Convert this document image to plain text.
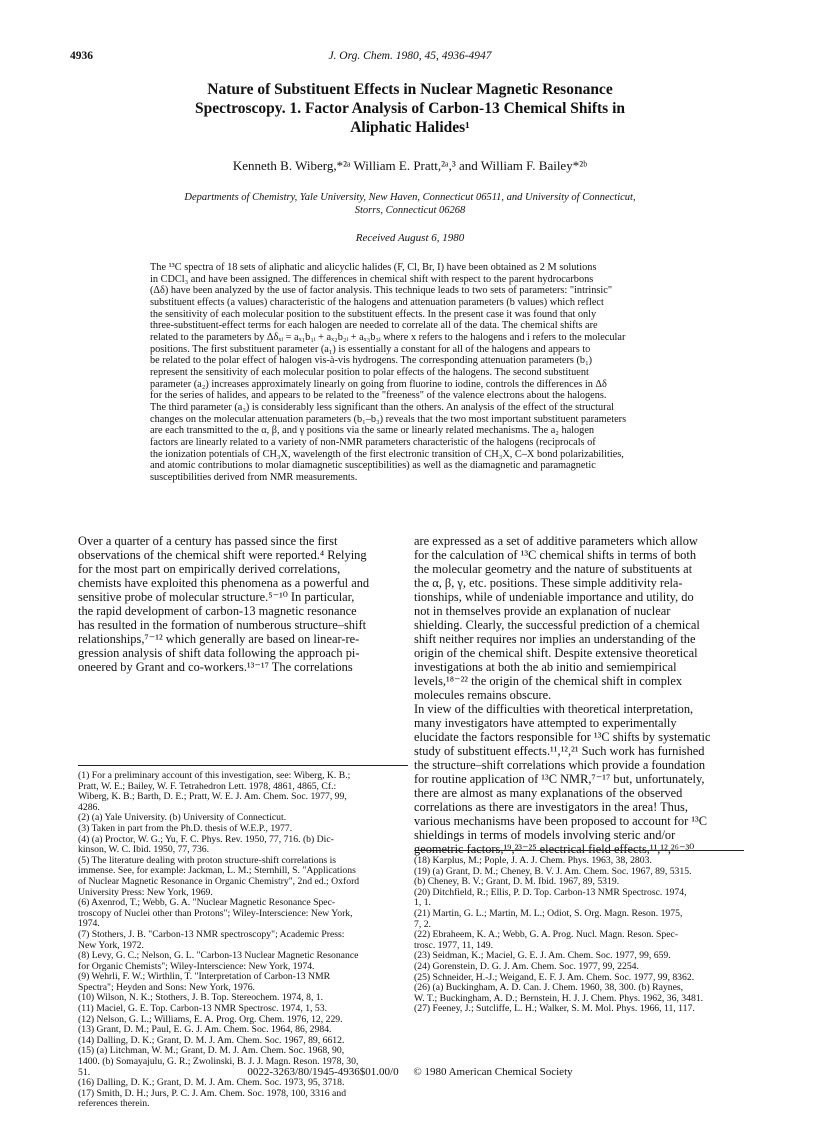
4936	J. Org. Chem. 1980, 45, 4936-4947
Nature of Substituent Effects in Nuclear Magnetic Resonance
Spectroscopy. 1. Factor Analysis of Carbon-13 Chemical Shifts in
Aliphatic Halides¹
Kenneth B. Wiberg,*²ᵃ William E. Pratt,²ᵃ,³ and William F. Bailey*²ᵇ
Departments of Chemistry, Yale University, New Haven, Connecticut 06511, and University of Connecticut,
Storrs, Connecticut 06268
Received August 6, 1980
The ¹³C spectra of 18 sets of aliphatic and alicyclic halides (F, Cl, Br, I) have been obtained as 2 M solutions
in CDCl₃ and have been assigned. The differences in chemical shift with respect to the parent hydrocarbons
(Δδ) have been analyzed by the use of factor analysis. This technique leads to two sets of parameters: "intrinsic"
substituent effects (a values) characteristic of the halogens and attenuation parameters (b values) which reflect
the sensitivity of each molecular position to the substituent effects. In the present case it was found that only
three-substituent-effect terms for each halogen are needed to correlate all of the data. The chemical shifts are
related to the parameters by Δδₓᵢ = aₓ₁b₁ᵢ + aₓ₂b₂ᵢ + aₓ₃b₃ᵢ where x refers to the halogens and i refers to the molecular
positions. The first substituent parameter (a₁) is essentially a constant for all of the halogens and appears to
be related to the polar effect of halogen vis-à-vis hydrogens. The corresponding attenuation parameters (b₁)
represent the sensitivity of each molecular position to polar effects of the halogens. The second substituent
parameter (a₂) increases approximately linearly on going from fluorine to iodine, controls the differences in Δδ
for the series of halides, and appears to be related to the "freeness" of the valence electrons about the halogens.
The third parameter (a₃) is considerably less significant than the others. An analysis of the effect of the structural
changes on the molecular attenuation parameters (b₁–b₃) reveals that the two most important substituent parameters
are each transmitted to the α, β, and γ positions via the same or linearly related mechanisms. The a₂ halogen
factors are linearly related to a variety of non-NMR parameters characteristic of the halogens (reciprocals of
the ionization potentials of CH₃X, wavelength of the first electronic transition of CH₃X, C–X bond polarizabilities,
and atomic contributions to molar diamagnetic susceptibilities) as well as the diamagnetic and paramagnetic
susceptibilities derived from NMR measurements.
Over a quarter of a century has passed since the first
observations of the chemical shift were reported.⁴ Relying
for the most part on empirically derived correlations,
chemists have exploited this phenomena as a powerful and
sensitive probe of molecular structure.⁵⁻¹⁰ In particular,
the rapid development of carbon-13 magnetic resonance
has resulted in the formation of numberous structure–shift
relationships,⁷⁻¹² which generally are based on linear-re-
gression analysis of shift data following the approach pi-
oneered by Grant and co-workers.¹³⁻¹⁷ The correlations
are expressed as a set of additive parameters which allow
for the calculation of ¹³C chemical shifts in terms of both
the molecular geometry and the nature of substituents at
the α, β, γ, etc. positions. These simple additivity rela-
tionships, while of undeniable importance and utility, do
not in themselves provide an explanation of nuclear
shielding. Clearly, the successful prediction of a chemical
shift neither requires nor implies an understanding of the
origin of the chemical shift. Despite extensive theoretical
investigations at both the ab initio and semiempirical
levels,¹⁸⁻²² the origin of the chemical shift in complex
molecules remains obscure.
In view of the difficulties with theoretical interpretation,
many investigators have attempted to experimentally
elucidate the factors responsible for ¹³C shifts by systematic
study of substituent effects.¹¹,¹²,²¹ Such work has furnished
the structure–shift correlations which provide a foundation
for routine application of ¹³C NMR,⁷⁻¹⁷ but, unfortunately,
there are almost as many explanations of the observed
correlations as there are investigators in the area! Thus,
various mechanisms have been proposed to account for ¹³C
shieldings in terms of models involving steric and/or
geometric factors,¹⁹,²³⁻²⁵ electrical field effects,¹¹,¹²,²⁶⁻³⁰
(1) For a preliminary account of this investigation, see: Wiberg, K. B.;
Pratt, W. E.; Bailey, W. F. Tetrahedron Lett. 1978, 4861, 4865, Cf.:
Wiberg, K. B.; Barth, D. E.; Pratt, W. E. J. Am. Chem. Soc. 1977, 99,
4286.
(2) (a) Yale University. (b) University of Connecticut.
(3) Taken in part from the Ph.D. thesis of W.E.P., 1977.
(4) (a) Proctor, W. G.; Yu, F. C. Phys. Rev. 1950, 77, 716. (b) Dic-
kinson, W. C. Ibid. 1950, 77, 736.
(5) The literature dealing with proton structure-shift correlations is
immense. See, for example: Jackman, L. M.; Sternhill, S. "Applications
of Nuclear Magnetic Resonance in Organic Chemistry", 2nd ed.; Oxford
University Press: New York, 1969.
(6) Axenrod, T.; Webb, G. A. "Nuclear Magnetic Resonance Spec-
troscopy of Nuclei other than Protons"; Wiley-Interscience: New York,
1974.
(7) Stothers, J. B. "Carbon-13 NMR spectroscopy"; Academic Press:
New York, 1972.
(8) Levy, G. C.; Nelson, G. L. "Carbon-13 Nuclear Magnetic Resonance
for Organic Chemists"; Wiley-Interscience: New York, 1974.
(9) Wehrli, F. W.; Wirthlin, T. "Interpretation of Carbon-13 NMR
Spectra"; Heyden and Sons: New York, 1976.
(10) Wilson, N. K.; Stothers, J. B. Top. Stereochem. 1974, 8, 1.
(11) Maciel, G. E. Top. Carbon-13 NMR Spectrosc. 1974, 1, 53.
(12) Nelson, G. L.; Williams, E. A. Prog. Org. Chem. 1976, 12, 229.
(13) Grant, D. M.; Paul, E. G. J. Am. Chem. Soc. 1964, 86, 2984.
(14) Dalling, D. K.; Grant, D. M. J. Am. Chem. Soc. 1967, 89, 6612.
(15) (a) Litchman, W. M.; Grant, D. M. J. Am. Chem. Soc. 1968, 90,
1400. (b) Somayajulu, G. R.; Zwolinski, B. J. J. Magn. Reson. 1978, 30,
51.
(16) Dalling, D. K.; Grant, D. M. J. Am. Chem. Soc. 1973, 95, 3718.
(17) Smith, D. H.; Jurs, P. C. J. Am. Chem. Soc. 1978, 100, 3316 and
references therein.
(18) Karplus, M.; Pople, J. A. J. Chem. Phys. 1963, 38, 2803.
(19) (a) Grant, D. M.; Cheney, B. V. J. Am. Chem. Soc. 1967, 89, 5315.
(b) Cheney, B. V.; Grant, D. M. Ibid. 1967, 89, 5319.
(20) Ditchfield, R.; Ellis, P. D. Top. Carbon-13 NMR Spectrosc. 1974,
1, 1.
(21) Martin, G. L.; Martin, M. L.; Odiot, S. Org. Magn. Reson. 1975,
7, 2.
(22) Ebraheem, K. A.; Webb, G. A. Prog. Nucl. Magn. Reson. Spec-
trosc. 1977, 11, 149.
(23) Seidman, K.; Maciel, G. E. J. Am. Chem. Soc. 1977, 99, 659.
(24) Gorenstein, D. G. J. Am. Chem. Soc. 1977, 99, 2254.
(25) Schneider, H.-J.; Weigand, E. F. J. Am. Chem. Soc. 1977, 99, 8362.
(26) (a) Buckingham, A. D. Can. J. Chem. 1960, 38, 300. (b) Raynes,
W. T.; Buckingham, A. D.; Bernstein, H. J. J. Chem. Phys. 1962, 36, 3481.
(27) Feeney, J.; Sutcliffe, L. H.; Walker, S. M. Mol. Phys. 1966, 11, 117.
0022-3263/80/1945-4936$01.00/0 © 1980 American Chemical Society
